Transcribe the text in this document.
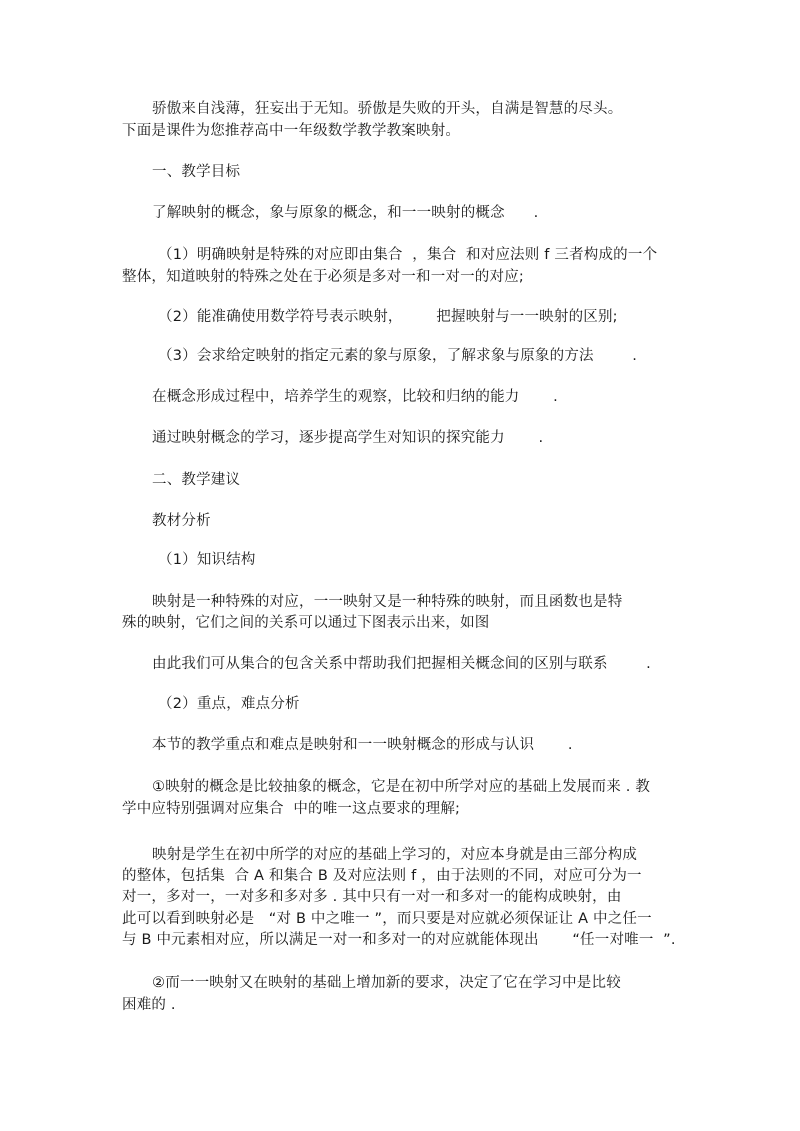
骄傲来自浅薄，狂妄出于无知。骄傲是失败的开头，自满是智慧的尽头。
下面是课件为您推荐高中一年级数学教学教案映射。
一、教学目标
了解映射的概念，象与原象的概念，和一一映射的概念      .
（1）明确映射是特殊的对应即由集合  ，集合  和对应法则 f 三者构成的一个
整体，知道映射的特殊之处在于必须是多对一和一对一的对应;
（2）能准确使用数学符号表示映射，       把握映射与一一映射的区别;
（3）会求给定映射的指定元素的象与原象，了解求象与原象的方法        .
在概念形成过程中，培养学生的观察，比较和归纳的能力       .
通过映射概念的学习，逐步提高学生对知识的探究能力       .
二、教学建议
教材分析
（1）知识结构
映射是一种特殊的对应，一一映射又是一种特殊的映射，而且函数也是特
殊的映射，它们之间的关系可以通过下图表示出来，如图
由此我们可从集合的包含关系中帮助我们把握相关概念间的区别与联系        .
（2）重点，难点分析
本节的教学重点和难点是映射和一一映射概念的形成与认识       .
①映射的概念是比较抽象的概念，它是在初中所学对应的基础上发展而来 . 教
学中应特别强调对应集合  中的唯一这点要求的理解;
映射是学生在初中所学的对应的基础上学习的，对应本身就是由三部分构成
的整体，包括集  合 A 和集合 B 及对应法则 f ，由于法则的不同，对应可分为一
对一，多对一，一对多和多对多 . 其中只有一对一和多对一的能构成映射，由
此可以看到映射必是   “对 B 中之唯一 ”，而只要是对应就必须保证让 A 中之任一
与 B 中元素相对应，所以满足一对一和多对一的对应就能体现出       “任一对唯一  ”.
②而一一映射又在映射的基础上增加新的要求，决定了它在学习中是比较
困难的 .
